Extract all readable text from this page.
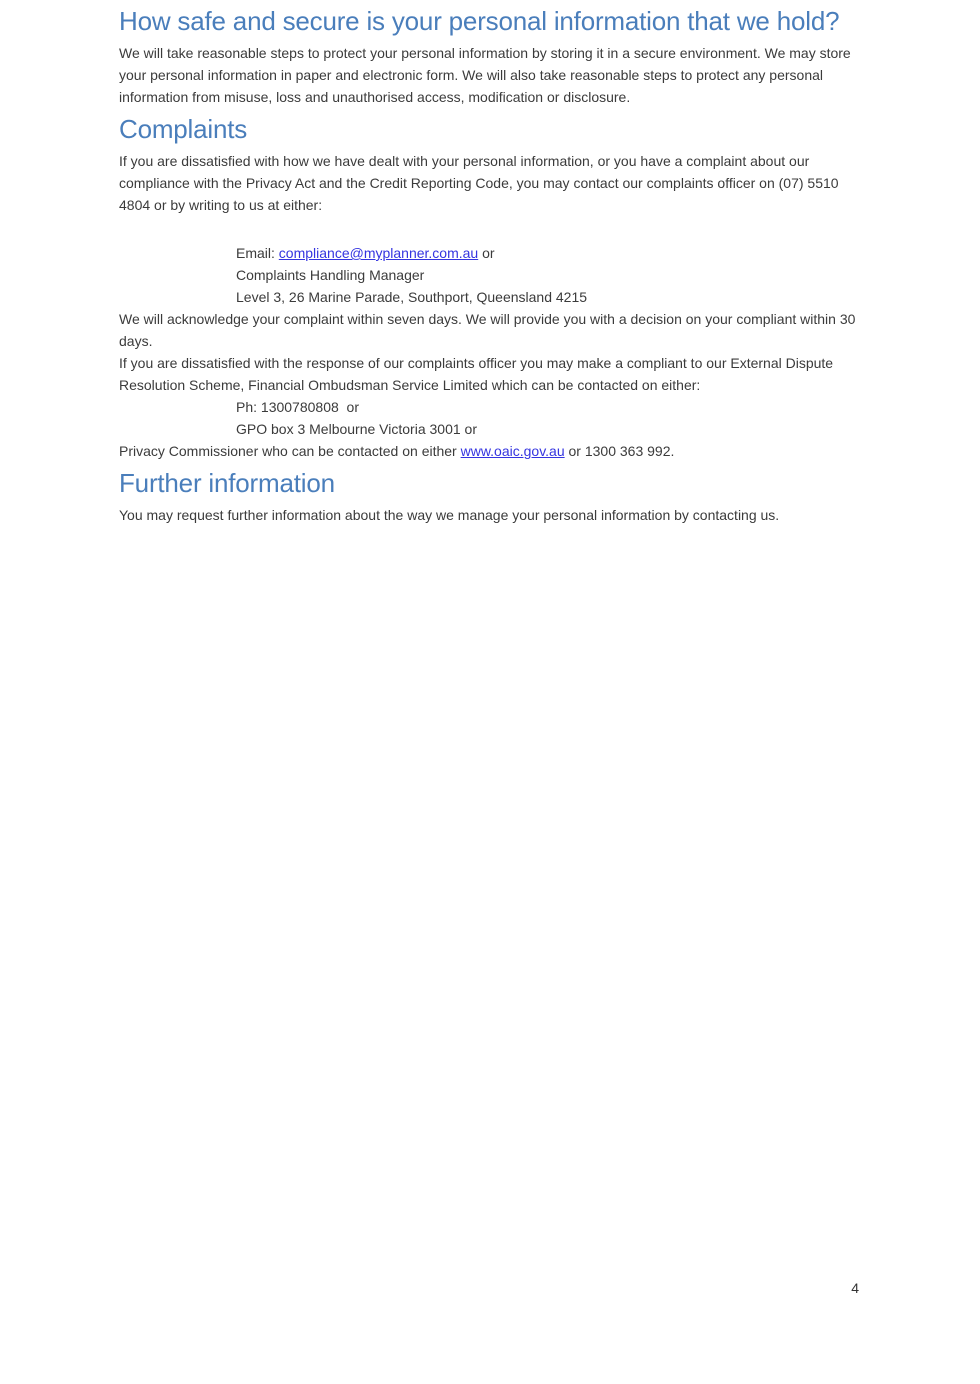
How safe and secure is your personal information that we hold?

We will take reasonable steps to protect your personal information by storing it in a secure environment. We may store your personal information in paper and electronic form. We will also take reasonable steps to protect any personal information from misuse, loss and unauthorised access, modification or disclosure.

Complaints

If you are dissatisfied with how we have dealt with your personal information, or you have a complaint about our compliance with the Privacy Act and the Credit Reporting Code, you may contact our complaints officer on (07) 5510 4804 or by writing to us at either:

Email: compliance@myplanner.com.au or

Complaints Handling Manager

Level 3, 26 Marine Parade, Southport, Queensland 4215

We will acknowledge your complaint within seven days. We will provide you with a decision on your compliant within 30 days.

If you are dissatisfied with the response of our complaints officer you may make a compliant to our External Dispute Resolution Scheme, Financial Ombudsman Service Limited which can be contacted on either:

Ph: 1300780808  or

GPO box 3 Melbourne Victoria 3001 or

Privacy Commissioner who can be contacted on either www.oaic.gov.au or 1300 363 992.

Further information

You may request further information about the way we manage your personal information by contacting us.

4
